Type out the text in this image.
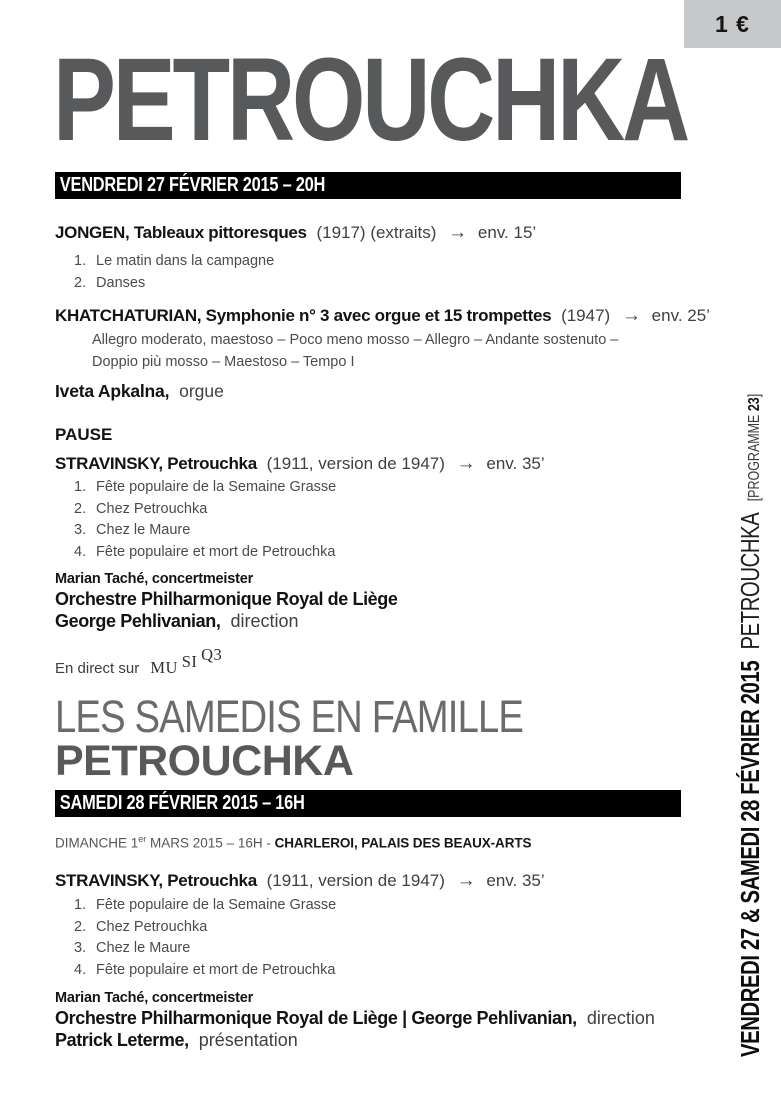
1 €
PETROUCHKA
VENDREDI 27 FÉVRIER 2015 – 20H

JONGEN, Tableaux pittoresques (1917) (extraits) → env. 15’

1. Le matin dans la campagne
2. Danses

KHATCHATURIAN, Symphonie n° 3 avec orgue et 15 trompettes (1947) → env. 25’

Allegro moderato, maestoso – Poco meno mosso – Allegro – Andante sostenuto –

Doppio più mosso – Maestoso – Tempo I

Iveta Apkalna, orgue

PAUSE

STRAVINSKY, Petrouchka (1911, version de 1947) → env. 35’

1. Fête populaire de la Semaine Grasse
2. Chez Petrouchka
3. Chez le Maure
4. Fête populaire et mort de Petrouchka

Marian Taché, concertmeister

Orchestre Philharmonique Royal de Liège

George Pehlivanian, direction

En direct sur MU SI Q3

LES SAMEDIS EN FAMILLE
PETROUCHKA
SAMEDI 28 FÉVRIER 2015 – 16H

DIMANCHE 1er MARS 2015 – 16H - CHARLEROI, PALAIS DES BEAUX-ARTS

STRAVINSKY, Petrouchka (1911, version de 1947) → env. 35’

1. Fête populaire de la Semaine Grasse
2. Chez Petrouchka
3. Chez le Maure
4. Fête populaire et mort de Petrouchka

Marian Taché, concertmeister

Orchestre Philharmonique Royal de Liège | George Pehlivanian, direction

Patrick Leterme, présentation	VENDREDI 27 & SAMEDI 28 FÉVRIER 2015 PETROUCHKA [PROGRAMME 23]
